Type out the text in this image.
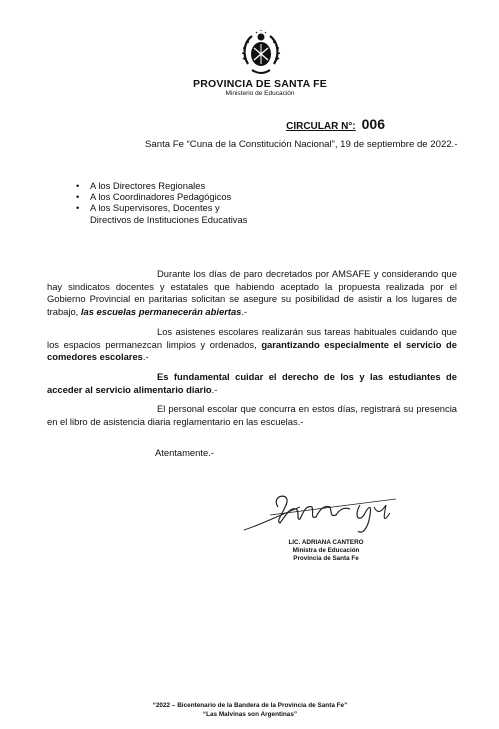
PROVINCIA DE SANTA FE
Ministerio de Educación
CIRCULAR N°: 006
Santa Fe “Cuna de la Constitución Nacional”, 19 de septiembre de 2022.-
• A los Directores Regionales
• A los Coordinadores Pedagógicos
• A los Supervisores, Docentes y
Directivos de Instituciones Educativas

Durante los días de paro decretados por AMSAFE y considerando que hay sindicatos docentes y estatales que habiendo aceptado la propuesta realizada por el Gobierno Provincial en paritarias solicitan se asegure su posibilidad de asistir a los lugares de trabajo, las escuelas permanecerán abiertas.-

Los asistenes escolares realizarán sus tareas habituales cuidando que los espacios permanezcan limpios y ordenados, garantizando especialmente el servicio de comedores escolares.-

Es fundamental cuidar el derecho de los y las estudiantes de acceder al servicio alimentario diario.-

El personal escolar que concurra en estos días, registrará su presencia en el libro de asistencia diaria reglamentario en las escuelas.-

Atentamente.-
LIC. ADRIANA CANTERO
Ministra de Educación
Provincia de Santa Fe
“2022 – Bicentenario de la Bandera de la Provincia de Santa Fe”
“Las Malvinas son Argentinas”
